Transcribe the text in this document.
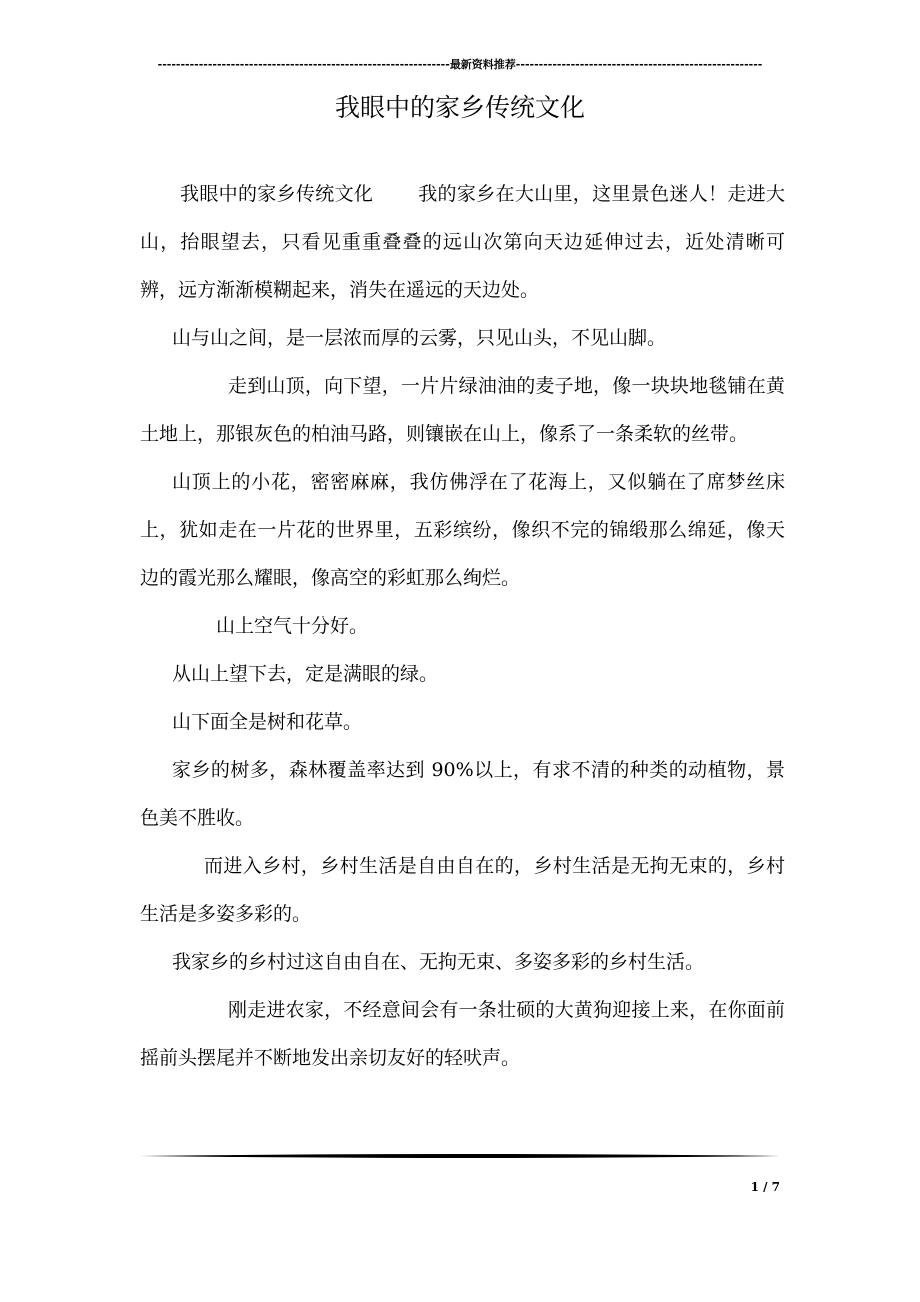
----------------------------------------------------------------最新资料推荐------------------------------------------------------
我眼中的家乡传统文化

我眼中的家乡传统文化　　 我的家乡在大山里，这里景色迷人！走进大山，抬眼望去，只看见重重叠叠的远山次第向天边延伸过去，近处清晰可辨，远方渐渐模糊起来，消失在遥远的天边处。

山与山之间，是一层浓而厚的云雾，只见山头，不见山脚。

走到山顶，向下望，一片片绿油油的麦子地，像一块块地毯铺在黄土地上，那银灰色的柏油马路，则镶嵌在山上，像系了一条柔软的丝带。

山顶上的小花，密密麻麻，我仿佛浮在了花海上，又似躺在了席梦丝床上，犹如走在一片花的世界里，五彩缤纷，像织不完的锦缎那么绵延，像天边的霞光那么耀眼，像高空的彩虹那么绚烂。

山上空气十分好。

从山上望下去，定是满眼的绿。

山下面全是树和花草。

家乡的树多，森林覆盖率达到 90%以上，有求不清的种类的动植物，景色美不胜收。

而进入乡村，乡村生活是自由自在的，乡村生活是无拘无束的，乡村生活是多姿多彩的。

我家乡的乡村过这自由自在、无拘无束、多姿多彩的乡村生活。

刚走进农家，不经意间会有一条壮硕的大黄狗迎接上来，在你面前摇前头摆尾并不断地发出亲切友好的轻吠声。

1 / 7
